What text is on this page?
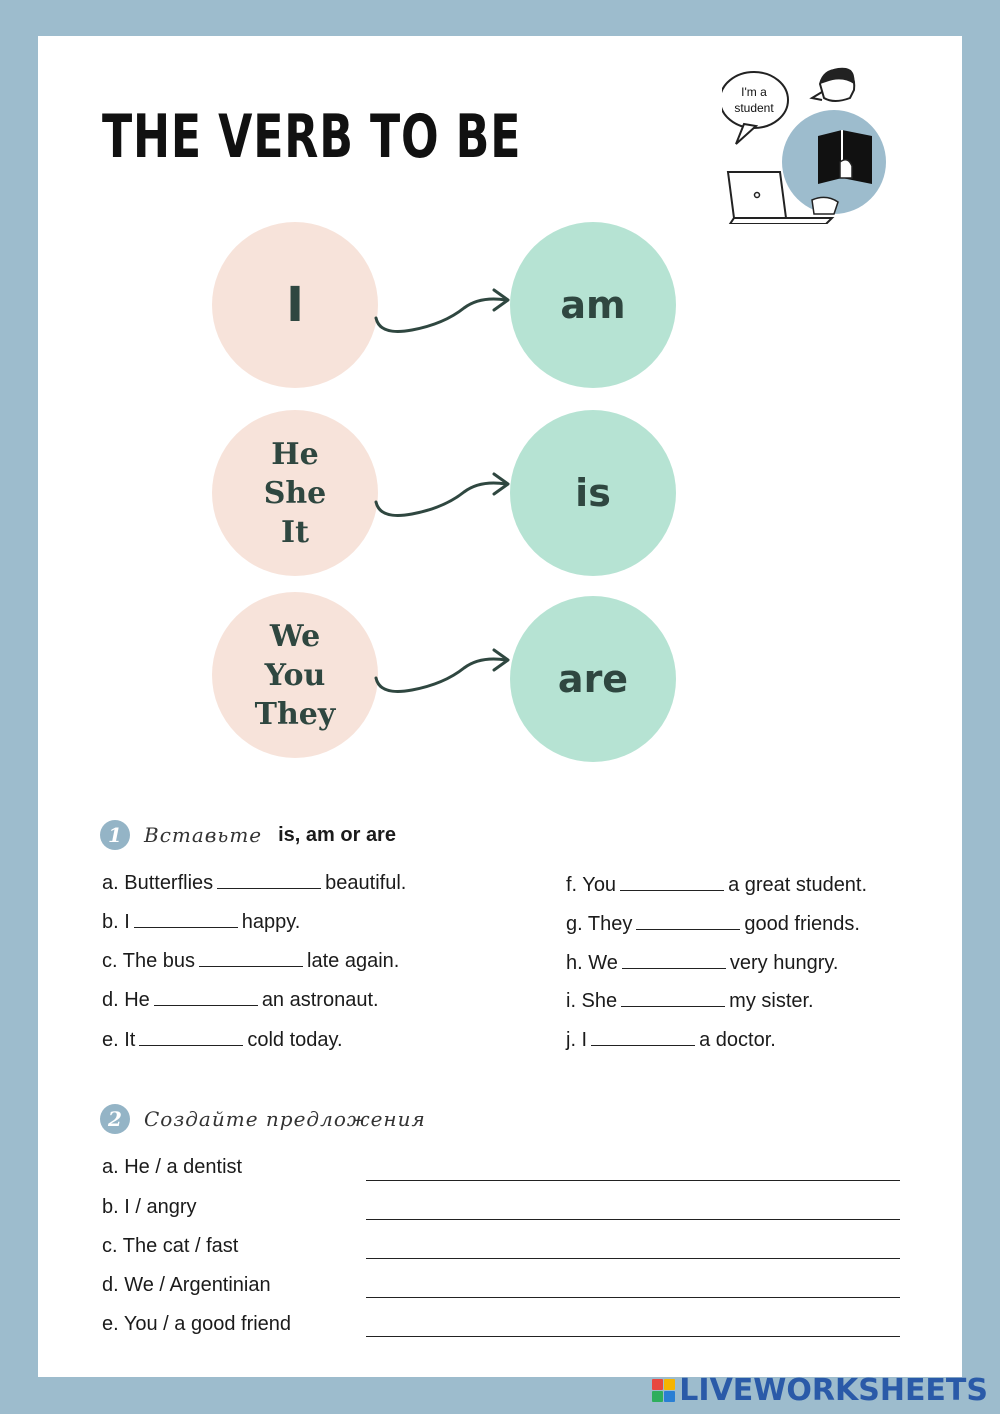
THE VERB TO BE
I'm a
student
I	am
He
She
It
is
We
You
They
are
1	Вставьте is, am or are
a. Butterflies	beautiful.
b. I	happy.
c. The bus	late again.
d. He	an astronaut.
e. It	cold today.
f. You	a great student.
g. They	good friends.
h. We	very hungry.
i. She	my sister.
j. I	a doctor.
2	Создайте предложения
a. He / a dentist
b. I / angry
c. The cat / fast
d. We / Argentinian
e. You / a good friend
LIVEWORKSHEETS
